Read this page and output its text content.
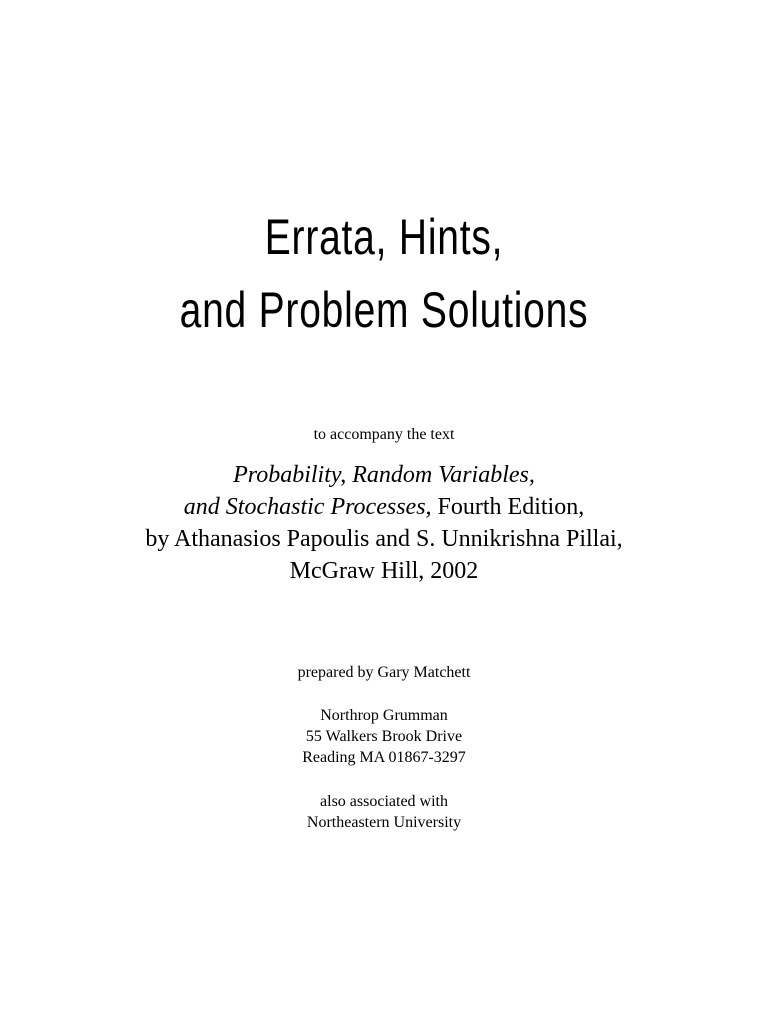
Errata, Hints,
and Problem Solutions
to accompany the text
Probability, Random Variables,
and Stochastic Processes, Fourth Edition,
by Athanasios Papoulis and S. Unnikrishna Pillai,
McGraw Hill, 2002
prepared by Gary Matchett
Northrop Grumman
55 Walkers Brook Drive
Reading MA 01867-3297
also associated with
Northeastern University
